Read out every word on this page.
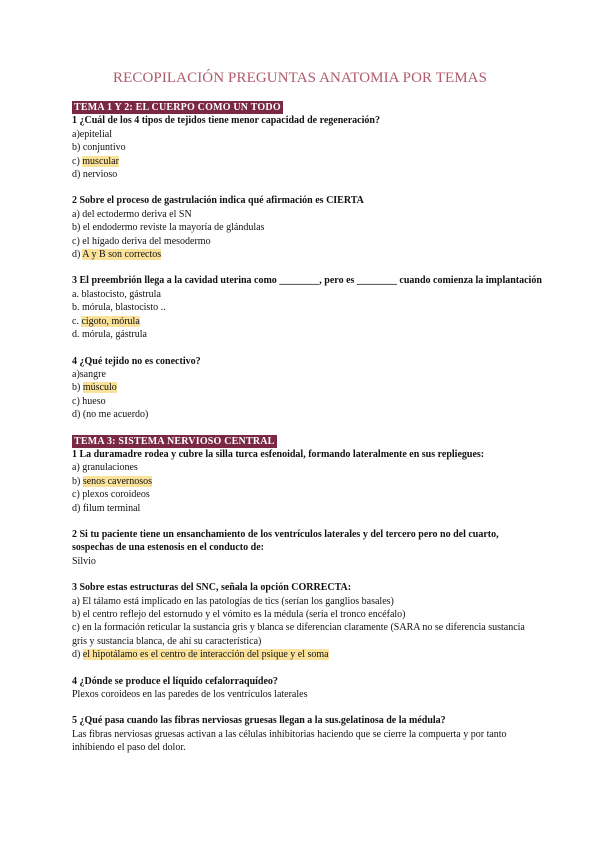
RECOPILACIÓN PREGUNTAS ANATOMIA POR TEMAS
TEMA 1 Y 2: EL CUERPO COMO UN TODO
1 ¿Cuál de los 4 tipos de tejidos tiene menor capacidad de regeneración?
a)epitelial
b) conjuntivo
c) muscular
d) nervioso
2 Sobre el proceso de gastrulación indica qué afirmación es CIERTA
a) del ectodermo deriva el SN
b) el endodermo reviste la mayoría de glándulas
c) el hígado deriva del mesodermo
d) A y B son correctos
3 El preembrión llega a la cavidad uterina como ________, pero es ________ cuando comienza la implantación
a. blastocisto, gástrula
b. mórula, blastocisto ..
c. cigoto, mórula
d. mórula, gástrula
4 ¿Qué tejido no es conectivo?
a)sangre
b) músculo
c) hueso
d) (no me acuerdo)
TEMA 3: SISTEMA NERVIOSO CENTRAL
1 La duramadre rodea y cubre la silla turca esfenoidal, formando lateralmente en sus repliegues:
a) granulaciones
b) senos cavernosos
c) plexos coroideos
d) filum terminal
2 Si tu paciente tiene un ensanchamiento de los ventrículos laterales y del tercero pero no del cuarto, sospechas de una estenosis en el conducto de:
Silvio
3 Sobre estas estructuras del SNC, señala la opción CORRECTA:
a) El tálamo está implicado en las patologías de tics (serían los ganglios basales)
b) el centro reflejo del estornudo y el vómito es la médula (sería el tronco encéfalo)
c) en la formación reticular la sustancia gris y blanca se diferencian claramente (SARA no se diferencia sustancia gris y sustancia blanca, de ahí su característica)
d) el hipotálamo es el centro de interacción del psique y el soma
4 ¿Dónde se produce el líquido cefalorraquídeo?
Plexos coroideos en las paredes de los ventrículos laterales
5 ¿Qué pasa cuando las fibras nerviosas gruesas llegan a la sus.gelatinosa de la médula?
Las fibras nerviosas gruesas activan a las células inhibitorias haciendo que se cierre la compuerta y por tanto inhibiendo el paso del dolor.
